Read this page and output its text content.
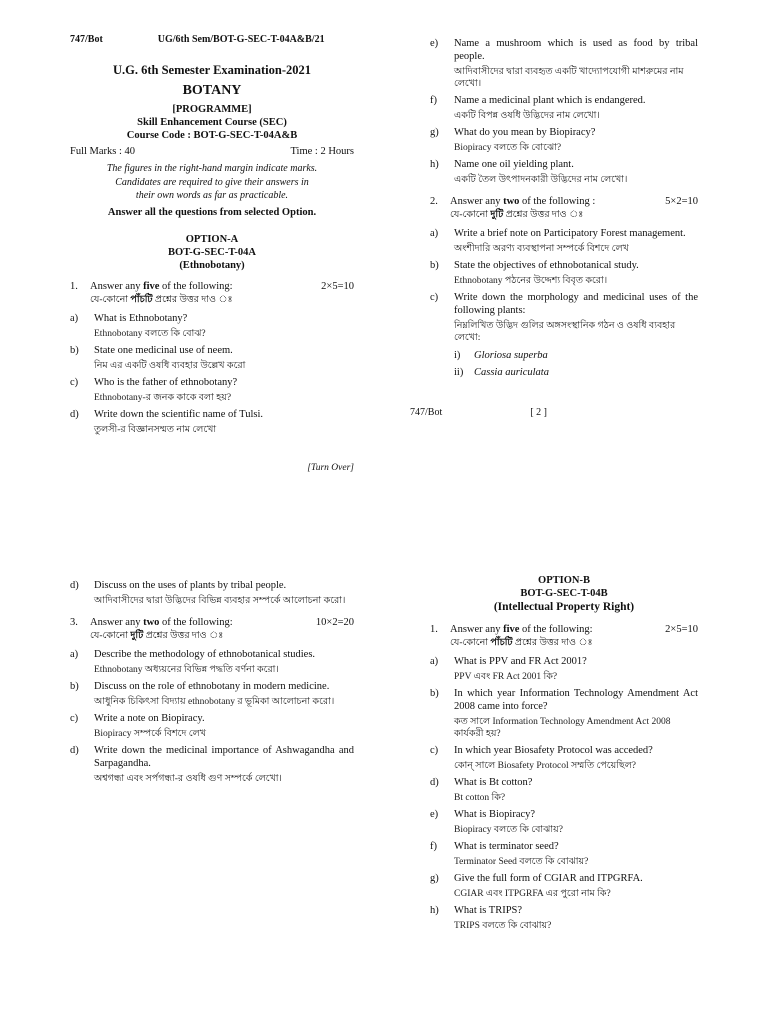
747/Bot	UG/6th Sem/BOT-G-SEC-T-04A&B/21
U.G. 6th Semester Examination-2021
BOTANY
[PROGRAMME]
Skill Enhancement Course (SEC)
Course Code : BOT-G-SEC-T-04A&B
Full Marks : 40	Time : 2 Hours
The figures in the right-hand margin indicate marks.
Candidates are required to give their answers in
their own words as far as practicable.
Answer all the questions from selected Option.
OPTION-A
BOT-G-SEC-T-04A
(Ethnobotany)
1.	Answer any five of the following:	2×5=10
যে-কোনো পাঁচটি প্রশ্নের উত্তর দাও ঃ
a)	What is Ethnobotany?
Ethnobotany বলতে কি বোঝ?
b)	State one medicinal use of neem.
নিম এর একটি ওষধি ব্যবহার উল্লেখ করো
c)	Who is the father of ethnobotany?
Ethnobotany-র জনক কাকে বলা হয়?
d)	Write down the scientific name of Tulsi.
তুলসী-র বিজ্ঞানসম্মত নাম লেখো
[Turn Over]
e)	Name a mushroom which is used as food by tribal people.
আদিবাসীদের দ্বারা ব্যবহৃত একটি খাদ্যোপযোগী মাশরুমের নাম লেখো।
f)	Name a medicinal plant which is endangered.
একটি বিপন্ন ওষধি উদ্ভিদের নাম লেখো।
g)	What do you mean by Biopiracy?
Biopiracy বলতে কি বোঝো?
h)	Name one oil yielding plant.
একটি তৈল উৎপাদনকারী উদ্ভিদের নাম লেখো।
2.	Answer any two of the following :	5×2=10
যে-কোনো দুটি প্রশ্নের উত্তর দাও ঃ
a)	Write a brief note on Participatory Forest management.
অংশীদারি অরণ্য ব্যবস্থাপনা সম্পর্কে বিশদে লেখ
b)	State the objectives of ethnobotanical study.
Ethnobotany পঠনের উদ্দেশ্য বিবৃত করো।
c)	Write down the morphology and medicinal uses of the following plants:
নিম্নলিখিত উদ্ভিদ গুলির অঙ্গসংস্থানিক গঠন ও ওষধি ব্যবহার লেখো:
i)	Gloriosa superba
ii)	Cassia auriculata
747/Bot	[ 2 ]
d)	Discuss on the uses of plants by tribal people.
আদিবাসীদের দ্বারা উদ্ভিদের বিভিন্ন ব্যবহার সম্পর্কে আলোচনা করো।
3.	Answer any two of the following:	10×2=20
যে-কোনো দুটি প্রশ্নের উত্তর দাও ঃ
a)	Describe the methodology of ethnobotanical studies.
Ethnobotany অধ্যয়নের বিভিন্ন পদ্ধতি বর্ণনা করো।
b)	Discuss on the role of ethnobotany in modern medicine.
আধুনিক চিকিৎসা বিদ্যায় ethnobotany র ভূমিকা আলোচনা করো।
c)	Write a note on Biopiracy.
Biopiracy সম্পর্কে বিশদে লেখ
d)	Write down the medicinal importance of Ashwagandha and Sarpagandha.
অশ্বগন্ধা এবং সর্পগন্ধা-র ওষধি গুণ সম্পর্কে লেখো।
OPTION-B
BOT-G-SEC-T-04B
(Intellectual Property Right)
1.	Answer any five of the following:	2×5=10
যে-কোনো পাঁচটি প্রশ্নের উত্তর দাও ঃ
a)	What is PPV and FR Act 2001?
PPV এবং FR Act 2001 কি?
b)	In which year Information Technology Amendment Act 2008 came into force?
কত সালে Information Technology Amendment Act 2008 কার্যকরী হয়?
c)	In which year Biosafety Protocol was acceded?
কোন্ সালে Biosafety Protocol সম্মতি পেয়েছিল?
d)	What is Bt cotton?
Bt cotton কি?
e)	What is Biopiracy?
Biopiracy বলতে কি বোঝায়?
f)	What is terminator seed?
Terminator Seed বলতে কি বোঝায়?
g)	Give the full form of CGIAR and ITPGRFA.
CGIAR এবং ITPGRFA এর পুরো নাম কি?
h)	What is TRIPS?
TRIPS বলতে কি বোঝায়?
